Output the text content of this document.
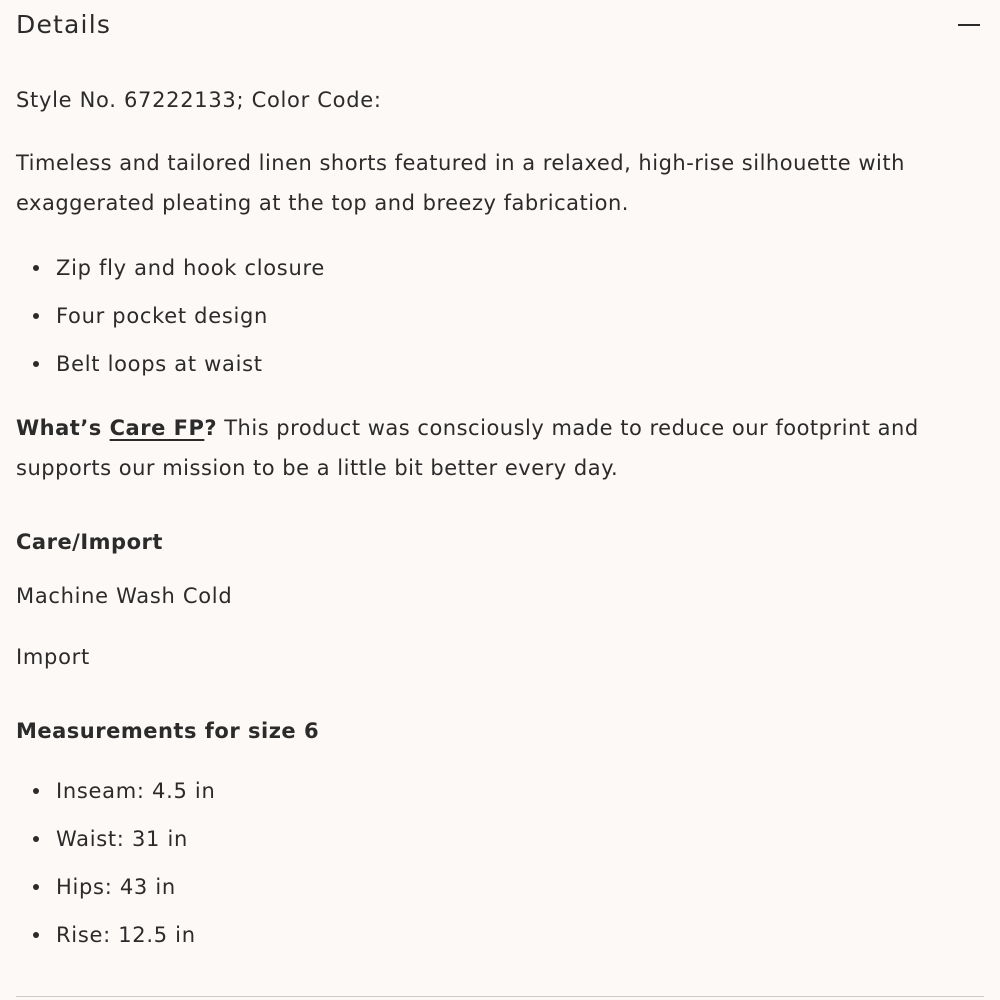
Details
Style No. 67222133; Color Code:

Timeless and tailored linen shorts featured in a relaxed, high-rise silhouette with exaggerated pleating at the top and breezy fabrication.

Zip fly and hook closure
Four pocket design
Belt loops at waist

What’s Care FP? This product was consciously made to reduce our footprint and supports our mission to be a little bit better every day.

Care/Import
Machine Wash Cold
Import
Measurements for size 6
Inseam: 4.5 in
Waist: 31 in
Hips: 43 in
Rise: 12.5 in
